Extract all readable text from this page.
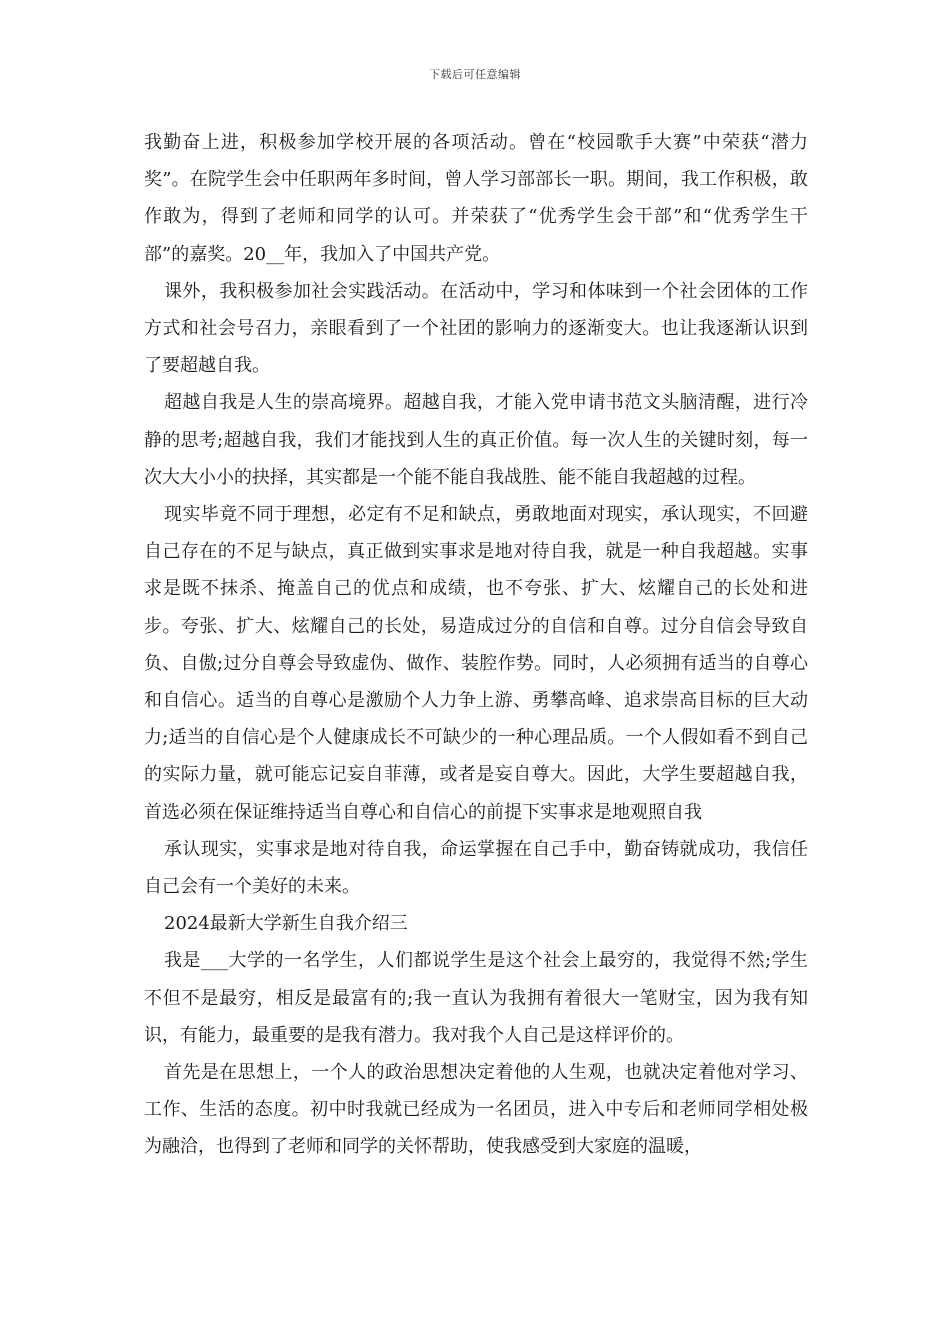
下载后可任意编辑

我勤奋上进，积极参加学校开展的各项活动。曾在“校园歌手大赛”中荣获“潜力奖”。在院学生会中任职两年多时间，曾人学习部部长一职。期间，我工作积极，敢作敢为，得到了老师和同学的认可。并荣获了“优秀学生会干部”和“优秀学生干部”的嘉奖。20__年，我加入了中国共产党。

课外，我积极参加社会实践活动。在活动中，学习和体味到一个社会团体的工作方式和社会号召力，亲眼看到了一个社团的影响力的逐渐变大。也让我逐渐认识到了要超越自我。

超越自我是人生的崇高境界。超越自我，才能入党申请书范文头脑清醒，进行冷静的思考;超越自我，我们才能找到人生的真正价值。每一次人生的关键时刻，每一次大大小小的抉择，其实都是一个能不能自我战胜、能不能自我超越的过程。

现实毕竟不同于理想，必定有不足和缺点，勇敢地面对现实，承认现实，不回避自己存在的不足与缺点，真正做到实事求是地对待自我，就是一种自我超越。实事求是既不抹杀、掩盖自己的优点和成绩，也不夸张、扩大、炫耀自己的长处和进步。夸张、扩大、炫耀自己的长处，易造成过分的自信和自尊。过分自信会导致自负、自傲;过分自尊会导致虚伪、做作、装腔作势。同时，人必须拥有适当的自尊心和自信心。适当的自尊心是激励个人力争上游、勇攀高峰、追求崇高目标的巨大动力;适当的自信心是个人健康成长不可缺少的一种心理品质。一个人假如看不到自己的实际力量，就可能忘记妄自菲薄，或者是妄自尊大。因此，大学生要超越自我，首选必须在保证维持适当自尊心和自信心的前提下实事求是地观照自我

承认现实，实事求是地对待自我，命运掌握在自己手中，勤奋铸就成功，我信任自己会有一个美好的未来。

2024最新大学新生自我介绍三

我是___大学的一名学生，人们都说学生是这个社会上最穷的，我觉得不然;学生不但不是最穷，相反是最富有的;我一直认为我拥有着很大一笔财宝，因为我有知识，有能力，最重要的是我有潜力。我对我个人自己是这样评价的。

首先是在思想上，一个人的政治思想决定着他的人生观，也就决定着他对学习、工作、生活的态度。初中时我就已经成为一名团员，进入中专后和老师同学相处极为融洽，也得到了老师和同学的关怀帮助，使我感受到大家庭的温暖，
